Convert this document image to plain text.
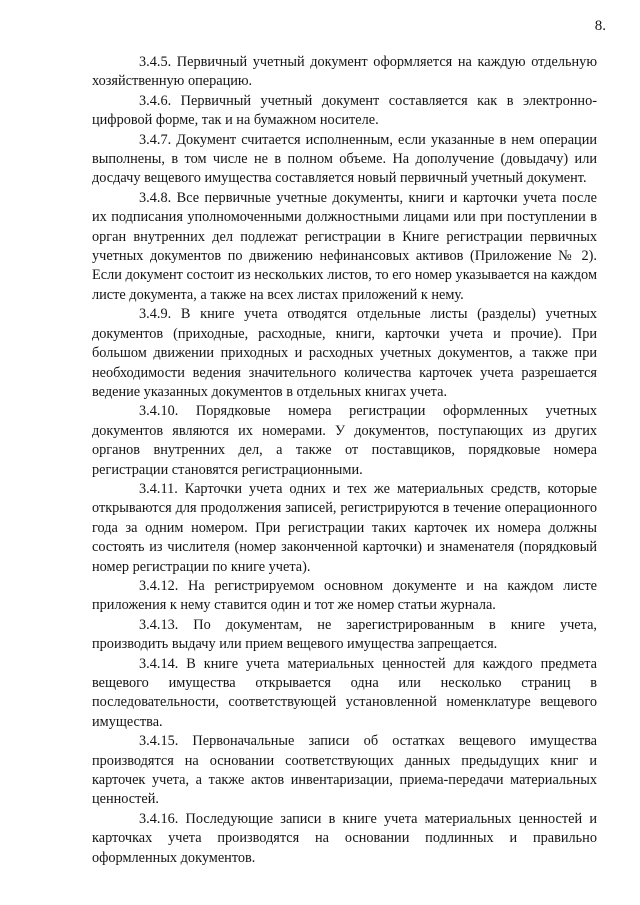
8.

3.4.5. Первичный учетный документ оформляется на каждую отдельную хозяйственную операцию.

3.4.6. Первичный учетный документ составляется как в электронно-цифровой форме, так и на бумажном носителе.

3.4.7. Документ считается исполненным, если указанные в нем операции выполнены, в том числе не в полном объеме. На дополучение (довыдачу) или досдачу вещевого имущества составляется новый первичный учетный документ.

3.4.8. Все первичные учетные документы, книги и карточки учета после их подписания уполномоченными должностными лицами или при поступлении в орган внутренних дел подлежат регистрации в Книге регистрации первичных учетных документов по движению нефинансовых активов (Приложение № 2). Если документ состоит из нескольких листов, то его номер указывается на каждом листе документа, а также на всех листах приложений к нему.

3.4.9. В книге учета отводятся отдельные листы (разделы) учетных документов (приходные, расходные, книги, карточки учета и прочие). При большом движении приходных и расходных учетных документов, а также при необходимости ведения значительного количества карточек учета разрешается ведение указанных документов в отдельных книгах учета.

3.4.10. Порядковые номера регистрации оформленных учетных документов являются их номерами. У документов, поступающих из других органов внутренних дел, а также от поставщиков, порядковые номера регистрации становятся регистрационными.

3.4.11. Карточки учета одних и тех же материальных средств, которые открываются для продолжения записей, регистрируются в течение операционного года за одним номером. При регистрации таких карточек их номера должны состоять из числителя (номер законченной карточки) и знаменателя (порядковый номер регистрации по книге учета).

3.4.12. На регистрируемом основном документе и на каждом листе приложения к нему ставится один и тот же номер статьи журнала.

3.4.13. По документам, не зарегистрированным в книге учета, производить выдачу или прием вещевого имущества запрещается.

3.4.14. В книге учета материальных ценностей для каждого предмета вещевого имущества открывается одна или несколько страниц в последовательности, соответствующей установленной номенклатуре вещевого имущества.

3.4.15. Первоначальные записи об остатках вещевого имущества производятся на основании соответствующих данных предыдущих книг и карточек учета, а также актов инвентаризации, приема-передачи материальных ценностей.

3.4.16. Последующие записи в книге учета материальных ценностей и карточках учета производятся на основании подлинных и правильно оформленных документов.
